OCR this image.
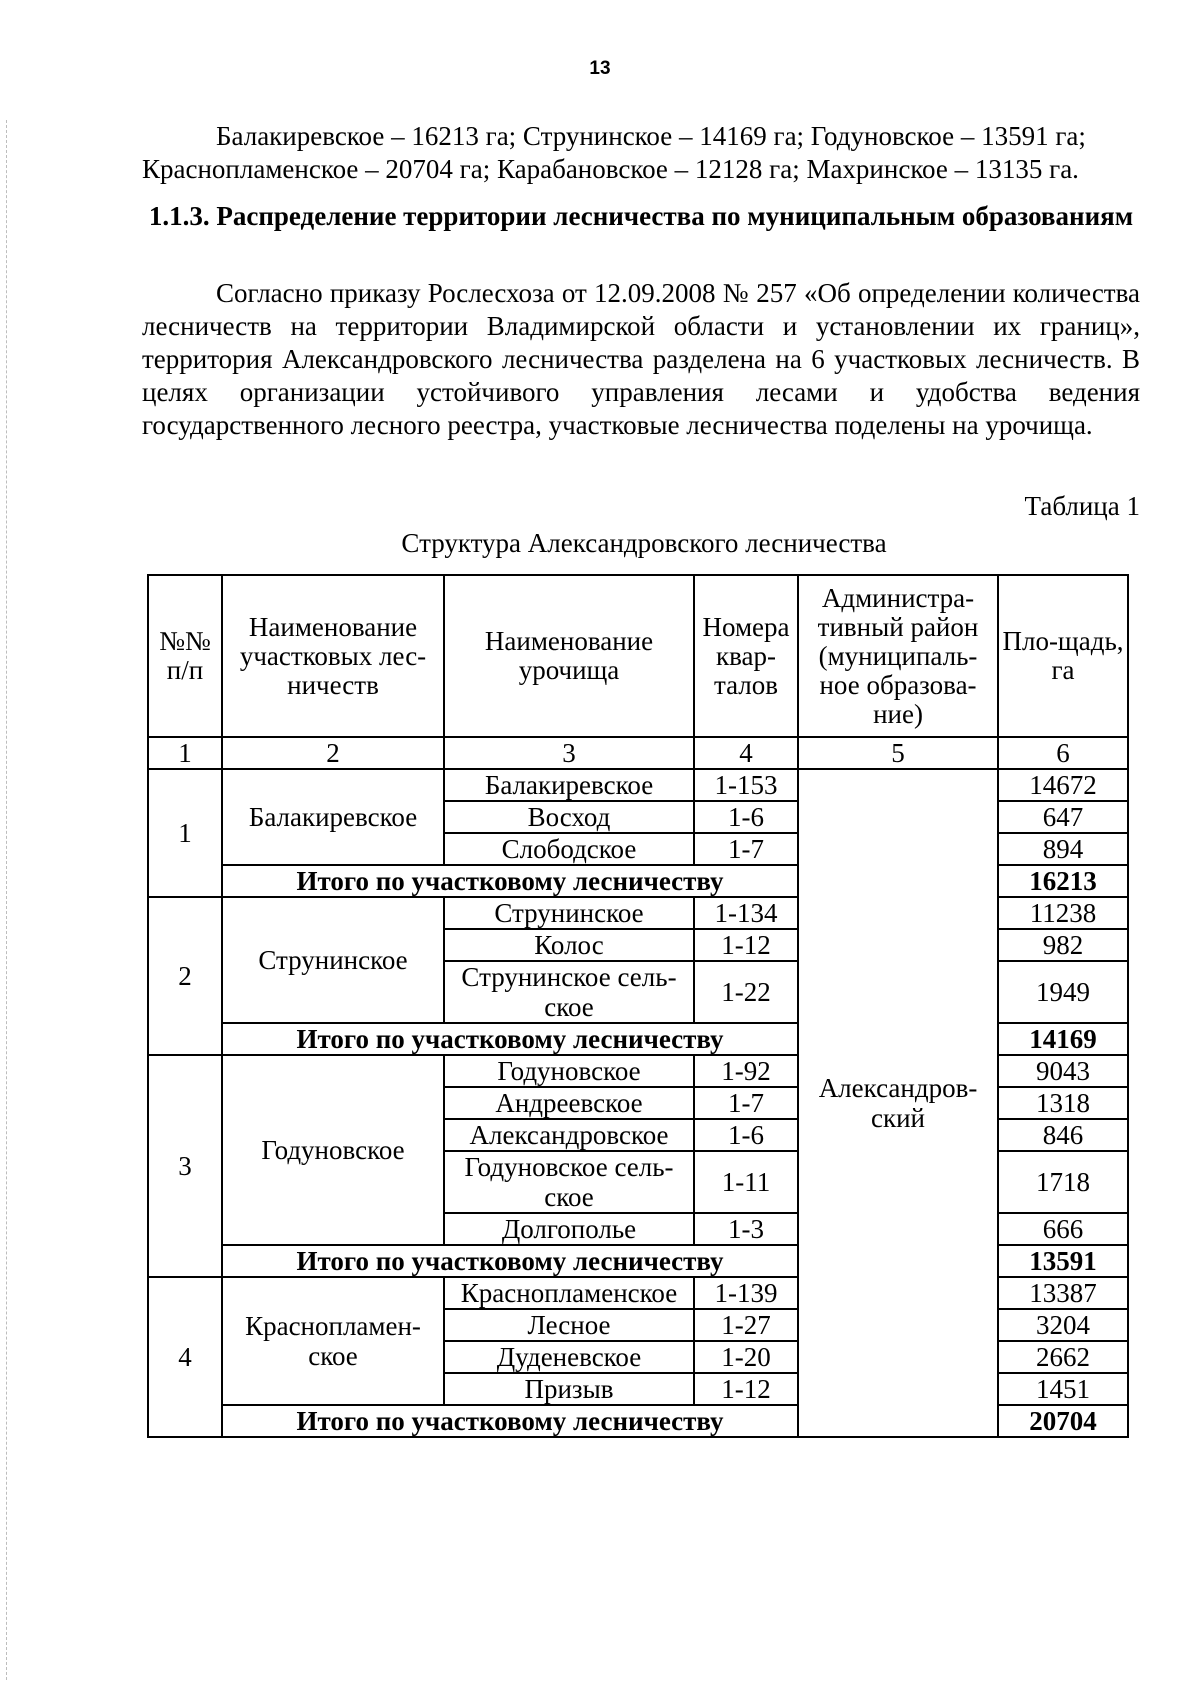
13

Балакиревское – 16213 га; Струнинское – 14169 га; Годуновское – 13591 га;

Краснопламенское – 20704 га; Карабановское – 12128 га; Махринское – 13135 га.

1.1.3. Распределение территории лесничества по муниципальным образованиям
Согласно приказу Рослесхоза от 12.09.2008 № 257 «Об определении количества лесничеств на территории Владимирской области и установлении их границ», территория Александровского лесничества разделена на 6 участковых лесничеств. В целях организации устойчивого управления лесами и удобства ведения государственного лесного реестра, участковые лесничества поделены на урочища.
Таблица 1
Структура Александровского лесничества
№№ п/п	Наименование участковых лес-ничеств	Наименование урочища	Номера квар-талов	Администра-тивный район (муниципаль-ное образова-ние)	Пло-щадь, га
1	2	3	4	5	6
1	Балакиревское	Балакиревское	1-153	Александров-ский	14672
		Восход	1-6		647
		Слободское	1-7		894
	Итого по участковому лесничеству				16213
2	Струнинское	Струнинское	1-134		11238
		Колос	1-12		982
		Струнинское сель-ское	1-22		1949
	Итого по участковому лесничеству				14169
3	Годуновское	Годуновское	1-92		9043
		Андреевское	1-7		1318
		Александровское	1-6		846
		Годуновское сель-ское	1-11		1718
		Долгополье	1-3		666
	Итого по участковому лесничеству				13591
4	Краснопламен-ское	Краснопламенское	1-139		13387
		Лесное	1-27		3204
		Дуденевское	1-20		2662
		Призыв	1-12		1451
	Итого по участковому лесничеству				20704
